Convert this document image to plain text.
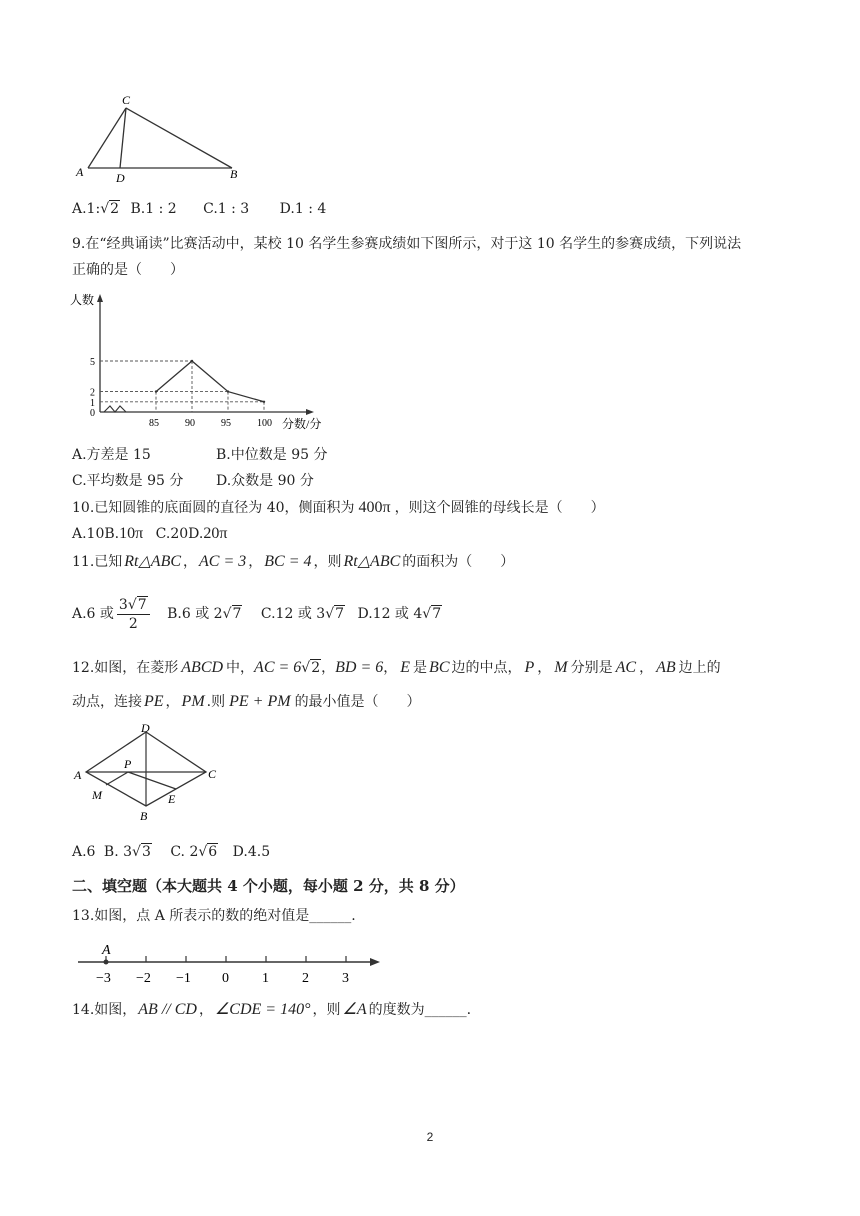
C
A	D	B
A.1:√2 B.1 : 2 C.1 : 3 D.1 : 4
9.在“经典诵读”比赛活动中，某校 10 名学生参赛成绩如下图所示，对于这 10 名学生的参赛成绩，下列说法
正确的是（　　）
人数
分数/分
85	90	95	100
0
1
2
5
A.方差是 15	B.中位数是 95 分
C.平均数是 95 分 D.众数是 90 分
10.已知圆锥的底面圆的直径为 40，侧面积为 400π ，则这个圆锥的母线长是（　　）
A.10B.10π C.20D.20π
11.已知 Rt△ABC ， AC = 3 ， BC = 4 ，则 Rt△ABC 的面积为（　　）
A.6 或 $\frac{3√7}{2} B.6$ 或 2√7 C.12 或 3√7 D.12 或 4√7
12.如图，在菱形 ABCD 中，AC = 6√2，BD = 6， E 是 BC 边的中点， P ， M 分别是 AC ， AB 边上的
动点，连接 PE ， PM .则 PE + PM 的最小值是（　　）
D
A
P
C
M	E
B
A.6 B. 3√3 C. 2√6 D.4.5
二、填空题（本大题共 4 个小题，每小题 2 分，共 8 分）
13.如图，点 A 所表示的数的绝对值是______.
A
−3 −2 −1 0 1 2 3
14.如图， AB // CD ， ∠CDE = 140° ，则 ∠A 的度数为______.
2
